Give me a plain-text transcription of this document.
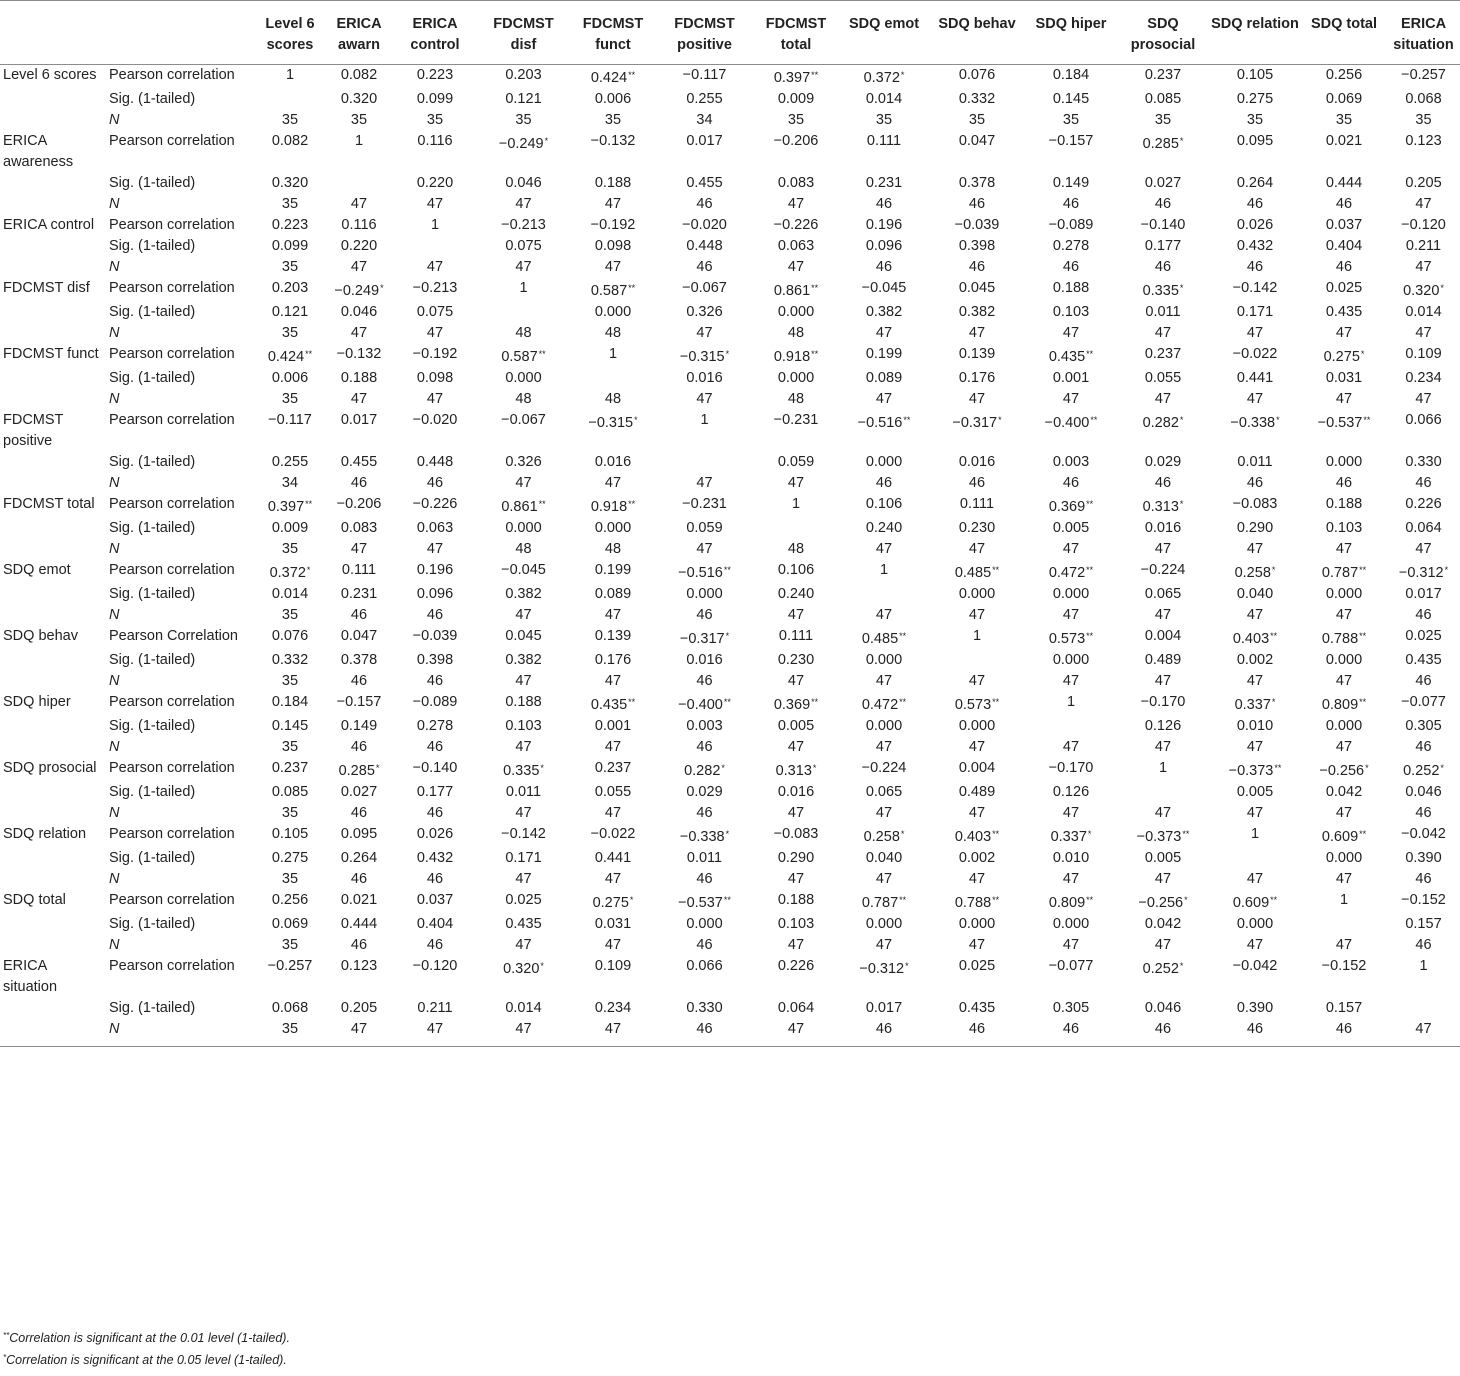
		Level 6 scores	ERICA awarn	ERICA control	FDCMST disf	FDCMST funct	FDCMST positive	FDCMST total	SDQ emot	SDQ behav	SDQ hiper	SDQ prosocial	SDQ relation	SDQ total	ERICA situation
Level 6 scores	Pearson correlation	1	0.082	0.223	0.203	0.424**	−0.117	0.397**	0.372*	0.076	0.184	0.237	0.105	0.256	−0.257
	Sig. (1-tailed)		0.320	0.099	0.121	0.006	0.255	0.009	0.014	0.332	0.145	0.085	0.275	0.069	0.068
	N	35	35	35	35	35	34	35	35	35	35	35	35	35	35
ERICA awareness	Pearson correlation	0.082	1	0.116	−0.249*	−0.132	0.017	−0.206	0.111	0.047	−0.157	0.285*	0.095	0.021	0.123
	Sig. (1-tailed)	0.320		0.220	0.046	0.188	0.455	0.083	0.231	0.378	0.149	0.027	0.264	0.444	0.205
	N	35	47	47	47	47	46	47	46	46	46	46	46	46	47
ERICA control	Pearson correlation	0.223	0.116	1	−0.213	−0.192	−0.020	−0.226	0.196	−0.039	−0.089	−0.140	0.026	0.037	−0.120
	Sig. (1-tailed)	0.099	0.220		0.075	0.098	0.448	0.063	0.096	0.398	0.278	0.177	0.432	0.404	0.211
	N	35	47	47	47	47	46	47	46	46	46	46	46	46	47
FDCMST disf	Pearson correlation	0.203	−0.249*	−0.213	1	0.587**	−0.067	0.861**	−0.045	0.045	0.188	0.335*	−0.142	0.025	0.320*
	Sig. (1-tailed)	0.121	0.046	0.075		0.000	0.326	0.000	0.382	0.382	0.103	0.011	0.171	0.435	0.014
	N	35	47	47	48	48	47	48	47	47	47	47	47	47	47
FDCMST funct	Pearson correlation	0.424**	−0.132	−0.192	0.587**	1	−0.315*	0.918**	0.199	0.139	0.435**	0.237	−0.022	0.275*	0.109
	Sig. (1-tailed)	0.006	0.188	0.098	0.000		0.016	0.000	0.089	0.176	0.001	0.055	0.441	0.031	0.234
	N	35	47	47	48	48	47	48	47	47	47	47	47	47	47
FDCMST positive	Pearson correlation	−0.117	0.017	−0.020	−0.067	−0.315*	1	−0.231	−0.516**	−0.317*	−0.400**	0.282*	−0.338*	−0.537**	0.066
	Sig. (1-tailed)	0.255	0.455	0.448	0.326	0.016		0.059	0.000	0.016	0.003	0.029	0.011	0.000	0.330
	N	34	46	46	47	47	47	47	46	46	46	46	46	46	46
FDCMST total	Pearson correlation	0.397**	−0.206	−0.226	0.861**	0.918**	−0.231	1	0.106	0.111	0.369**	0.313*	−0.083	0.188	0.226
	Sig. (1-tailed)	0.009	0.083	0.063	0.000	0.000	0.059		0.240	0.230	0.005	0.016	0.290	0.103	0.064
	N	35	47	47	48	48	47	48	47	47	47	47	47	47	47
SDQ emot	Pearson correlation	0.372*	0.111	0.196	−0.045	0.199	−0.516**	0.106	1	0.485**	0.472**	−0.224	0.258*	0.787**	−0.312*
	Sig. (1-tailed)	0.014	0.231	0.096	0.382	0.089	0.000	0.240		0.000	0.000	0.065	0.040	0.000	0.017
	N	35	46	46	47	47	46	47	47	47	47	47	47	47	46
SDQ behav	Pearson Correlation	0.076	0.047	−0.039	0.045	0.139	−0.317*	0.111	0.485**	1	0.573**	0.004	0.403**	0.788**	0.025
	Sig. (1-tailed)	0.332	0.378	0.398	0.382	0.176	0.016	0.230	0.000		0.000	0.489	0.002	0.000	0.435
	N	35	46	46	47	47	46	47	47	47	47	47	47	47	46
SDQ hiper	Pearson correlation	0.184	−0.157	−0.089	0.188	0.435**	−0.400**	0.369**	0.472**	0.573**	1	−0.170	0.337*	0.809**	−0.077
	Sig. (1-tailed)	0.145	0.149	0.278	0.103	0.001	0.003	0.005	0.000	0.000		0.126	0.010	0.000	0.305
	N	35	46	46	47	47	46	47	47	47	47	47	47	47	46
SDQ prosocial	Pearson correlation	0.237	0.285*	−0.140	0.335*	0.237	0.282*	0.313*	−0.224	0.004	−0.170	1	−0.373**	−0.256*	0.252*
	Sig. (1-tailed)	0.085	0.027	0.177	0.011	0.055	0.029	0.016	0.065	0.489	0.126		0.005	0.042	0.046
	N	35	46	46	47	47	46	47	47	47	47	47	47	47	46
SDQ relation	Pearson correlation	0.105	0.095	0.026	−0.142	−0.022	−0.338*	−0.083	0.258*	0.403**	0.337*	−0.373**	1	0.609**	−0.042
	Sig. (1-tailed)	0.275	0.264	0.432	0.171	0.441	0.011	0.290	0.040	0.002	0.010	0.005		0.000	0.390
	N	35	46	46	47	47	46	47	47	47	47	47	47	47	46
SDQ total	Pearson correlation	0.256	0.021	0.037	0.025	0.275*	−0.537**	0.188	0.787**	0.788**	0.809**	−0.256*	0.609**	1	−0.152
	Sig. (1-tailed)	0.069	0.444	0.404	0.435	0.031	0.000	0.103	0.000	0.000	0.000	0.042	0.000		0.157
	N	35	46	46	47	47	46	47	47	47	47	47	47	47	46
ERICA situation	Pearson correlation	−0.257	0.123	−0.120	0.320*	0.109	0.066	0.226	−0.312*	0.025	−0.077	0.252*	−0.042	−0.152	1
	Sig. (1-tailed)	0.068	0.205	0.211	0.014	0.234	0.330	0.064	0.017	0.435	0.305	0.046	0.390	0.157	
	N	35	47	47	47	47	46	47	46	46	46	46	46	46	47
**Correlation is significant at the 0.01 level (1-tailed).
*Correlation is significant at the 0.05 level (1-tailed).
